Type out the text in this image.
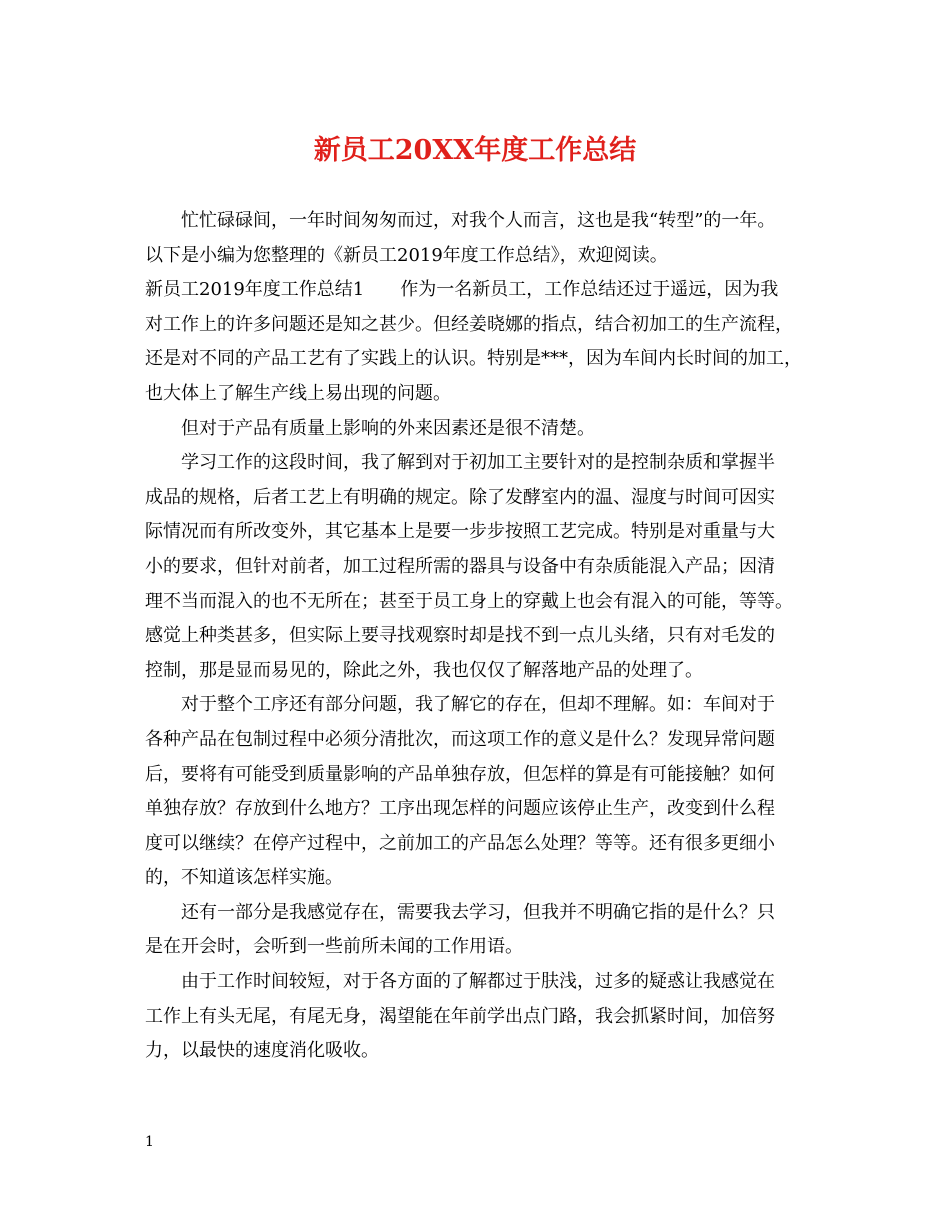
新员工20XX年度工作总结
忙忙碌碌间，一年时间匆匆而过，对我个人而言，这也是我“转型”的一年。
以下是小编为您整理的《新员工2019年度工作总结》，欢迎阅读。
新员工2019年度工作总结1　　作为一名新员工，工作总结还过于遥远，因为我
对工作上的许多问题还是知之甚少。但经姜晓娜的指点，结合初加工的生产流程，
还是对不同的产品工艺有了实践上的认识。特别是***，因为车间内长时间的加工，
也大体上了解生产线上易出现的问题。
但对于产品有质量上影响的外来因素还是很不清楚。
学习工作的这段时间，我了解到对于初加工主要针对的是控制杂质和掌握半
成品的规格，后者工艺上有明确的规定。除了发酵室内的温、湿度与时间可因实
际情况而有所改变外，其它基本上是要一步步按照工艺完成。特别是对重量与大
小的要求，但针对前者，加工过程所需的器具与设备中有杂质能混入产品；因清
理不当而混入的也不无所在；甚至于员工身上的穿戴上也会有混入的可能，等等。
感觉上种类甚多，但实际上要寻找观察时却是找不到一点儿头绪，只有对毛发的
控制，那是显而易见的，除此之外，我也仅仅了解落地产品的处理了。
对于整个工序还有部分问题，我了解它的存在，但却不理解。如：车间对于
各种产品在包制过程中必须分清批次，而这项工作的意义是什么？发现异常问题
后，要将有可能受到质量影响的产品单独存放，但怎样的算是有可能接触？如何
单独存放？存放到什么地方？工序出现怎样的问题应该停止生产，改变到什么程
度可以继续？在停产过程中，之前加工的产品怎么处理？等等。还有很多更细小
的，不知道该怎样实施。
还有一部分是我感觉存在，需要我去学习，但我并不明确它指的是什么？只
是在开会时，会听到一些前所未闻的工作用语。
由于工作时间较短，对于各方面的了解都过于肤浅，过多的疑惑让我感觉在
工作上有头无尾，有尾无身，渴望能在年前学出点门路，我会抓紧时间，加倍努
力，以最快的速度消化吸收。
1
